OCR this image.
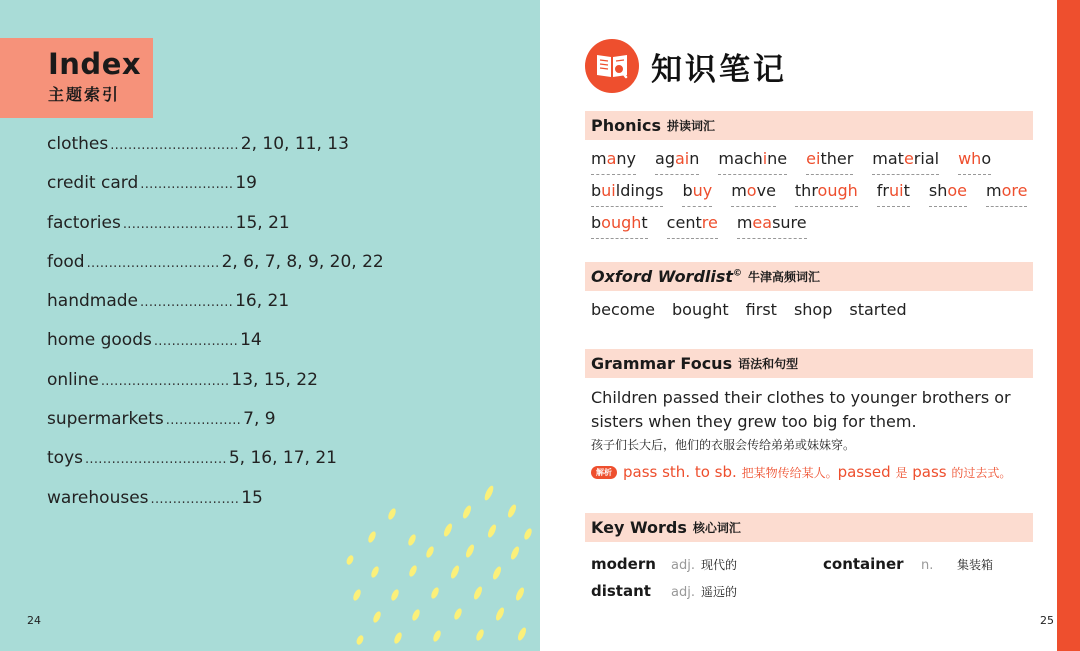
Index
主题索引
clothes ............................. 2, 10, 11, 13
credit card ..................... 19
factories ......................... 15, 21
food .............................. 2, 6, 7, 8, 9, 20, 22
handmade ..................... 16, 21
home goods ................... 14
online ............................. 13, 15, 22
supermarkets ................. 7, 9
toys ................................ 5, 16, 17, 21
warehouses .................... 15
24
知识笔记
Phonics 拼读词汇
many again machine either material who
buildings buy move through fruit shoe more
bought centre measure
Oxford Wordlist© 牛津高频词汇
become bought first shop started
Grammar Focus 语法和句型
Children passed their clothes to younger brothers or sisters when they grew too big for them.
孩子们长大后，他们的衣服会传给弟弟或妹妹穿。
解析 pass sth. to sb. 把某物传给某人。passed 是 pass 的过去式。
Key Words 核心词汇
modern	adj. 现代的	container	n.	集装箱
distant	adj. 遥远的
25
